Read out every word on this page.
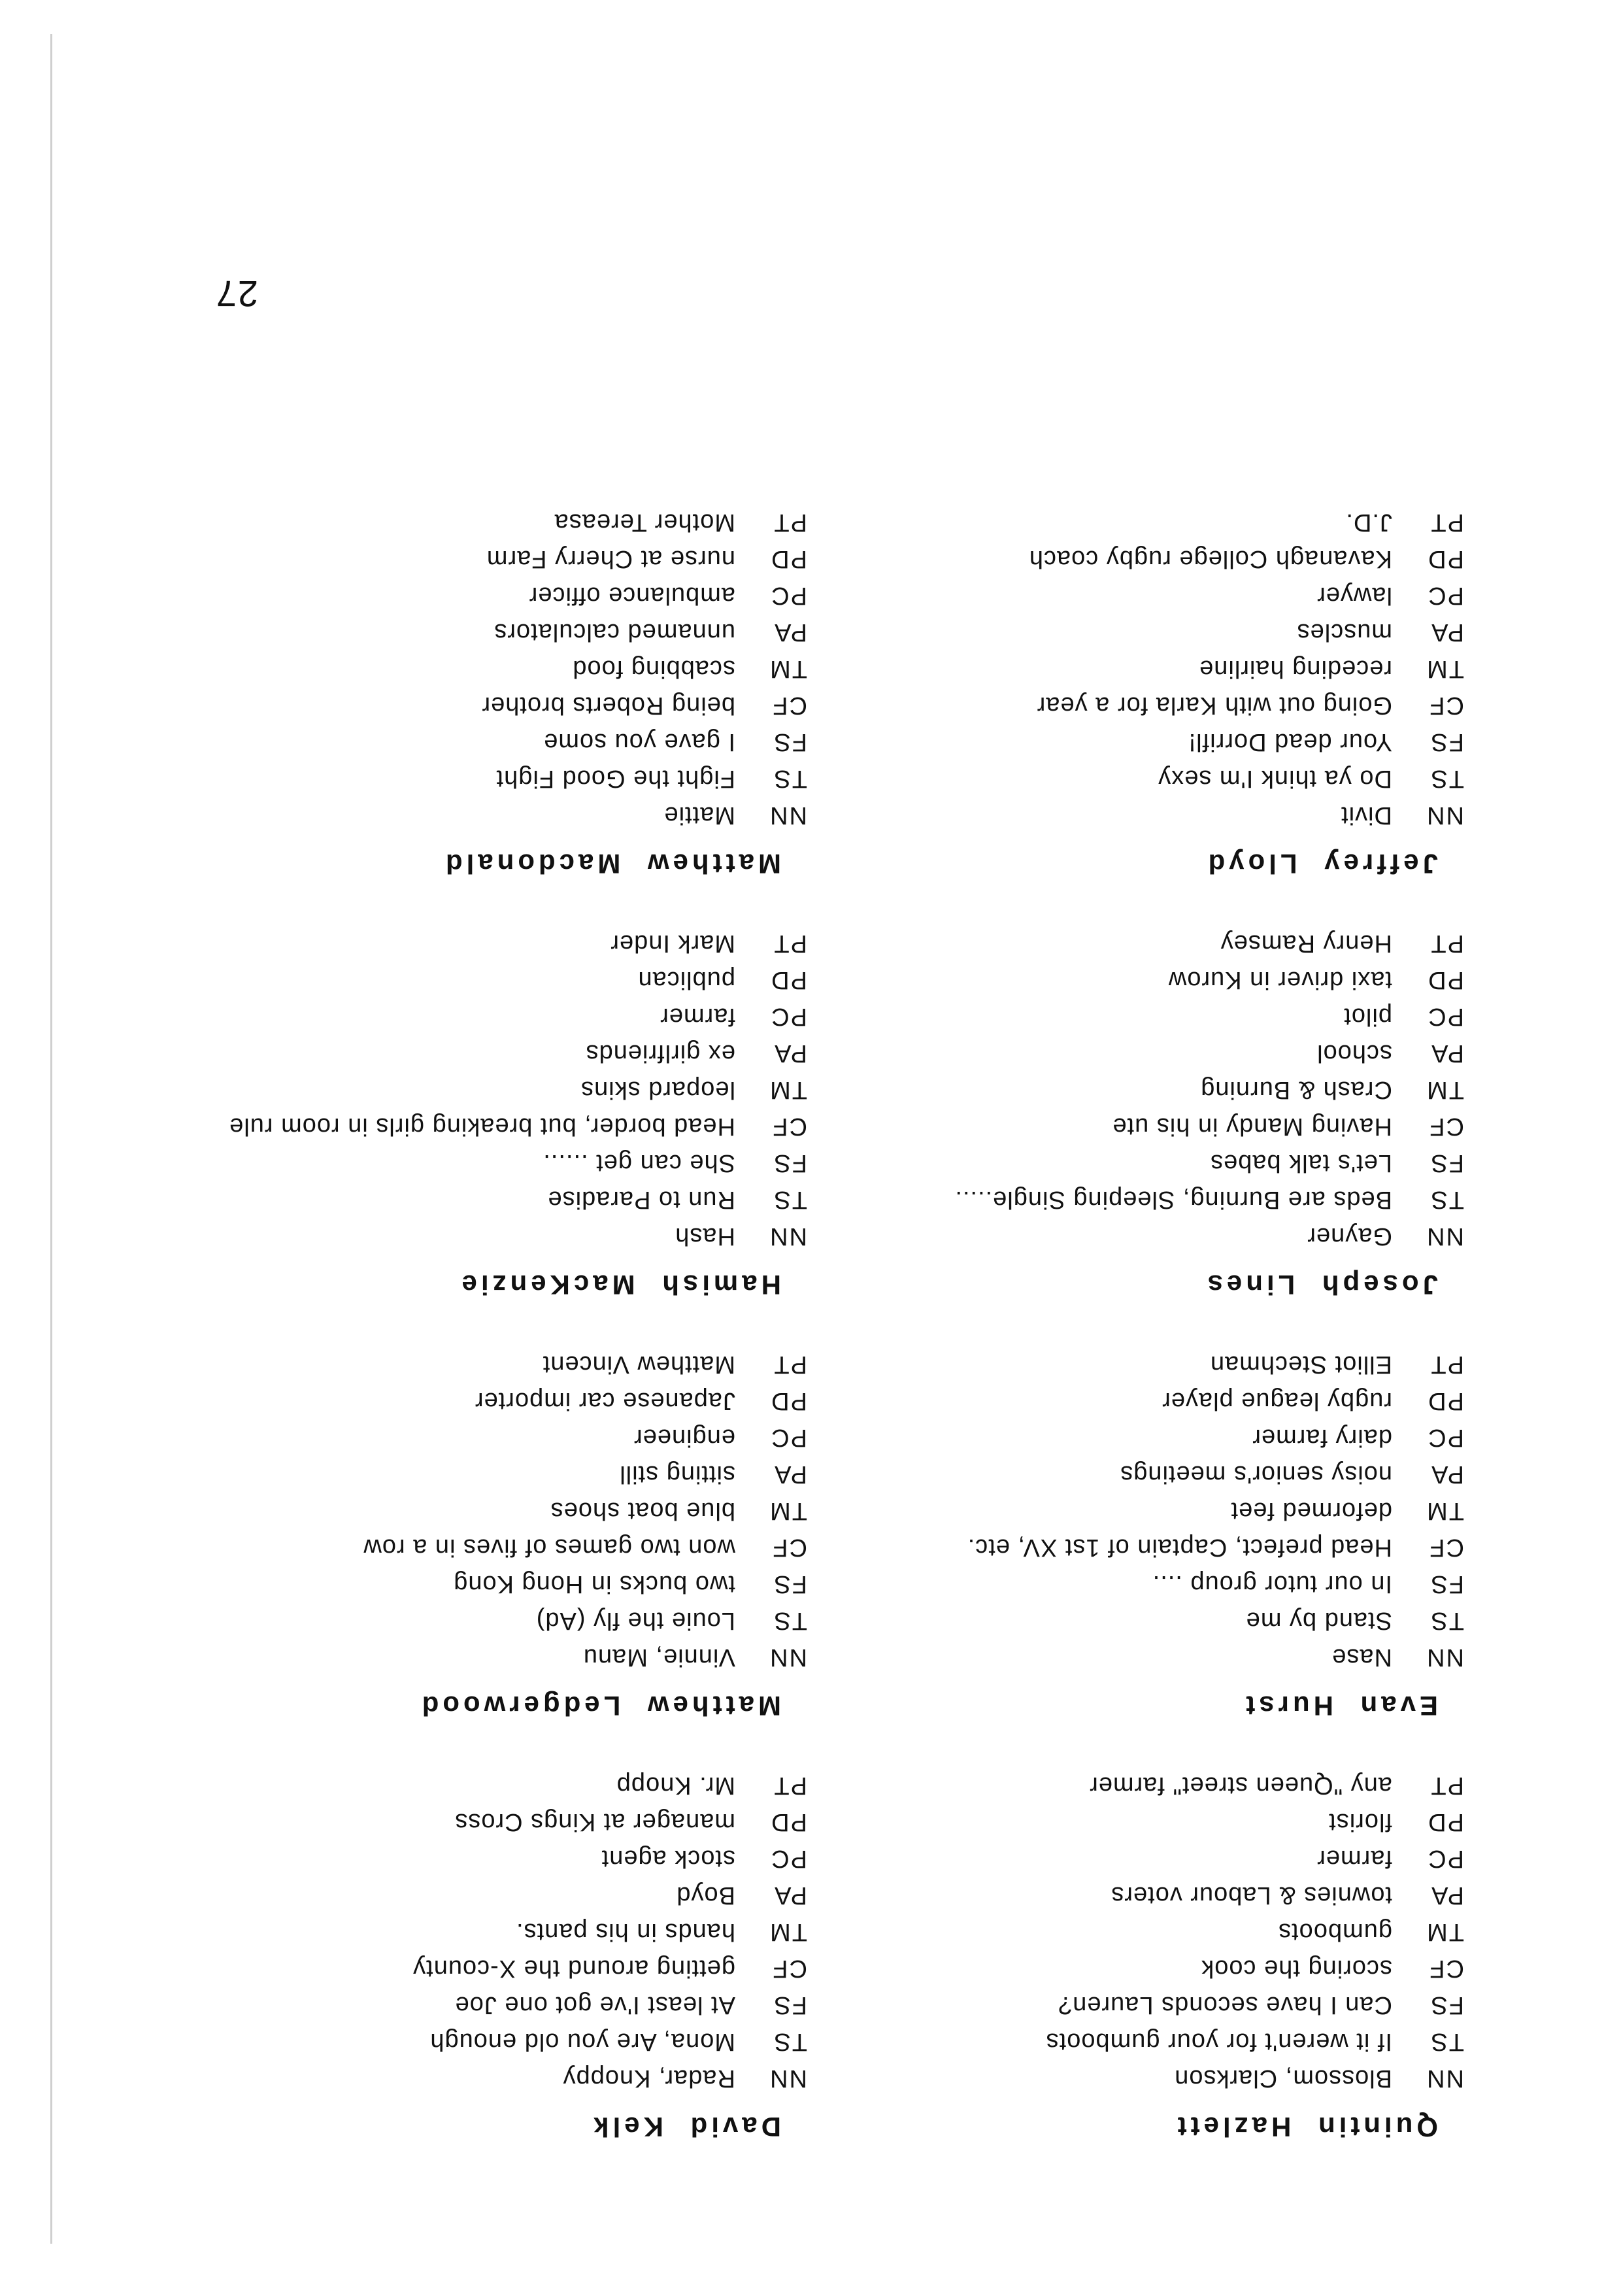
27
Quintin Hazlett
NN
Blossom, Clarkson
TS
If it weren't for your gumboots
FS
Can I have seconds Lauren?
CF
scoring the cook
TM
gumboots
PA
townies & Labour voters
PC
farmer
PD
florist
PT
any "Queen street" farmer
Evan Hurst
NN
Nase
TS
Stand by me
FS
In our tutor group ....
CF
Head prefect, Captain of 1st XV, etc.
TM
deformed feet
PA
noisy senior's meetings
PC
dairy farmer
PD
rugby league player
PT
Elliot Stechman
Joseph Lines
NN
Gayner
TS
Beds are Burning, Sleeping Single.....
FS
Let's talk babes
CF
Having Mandy in his ute
TM
Crash & Burning
PA
school
PC
pilot
PD
taxi driver in Kurow
PT
Henry Ramsey
Jeffrey Lloyd
NN
Divit
TS
Do ya think I'm sexy
FS
Your dead Dorrifl!
CF
Going out with Karla for a year
TM
receding hairline
PA
muscles
PC
lawyer
PD
Kavanagh College rugby coach
PT
J.D.
David Kelk
NN
Radar, Knoppy
TS
Mona, Are you old enough
FS
At least I've got one Joe
CF
getting around the X-county
TM
hands in his pants.
PA
Boyd
PC
stock agent
PD
manager at Kings Cross
PT
Mr. Knopp
Matthew Ledgerwood
NN
Vinnie, Manu
TS
Louie the fly (Ad)
FS
two bucks in Hong Kong
CF
won two games of fives in a row
TM
blue boat shoes
PA
sitting still
PC
engineer
PD
Japanese car importer
PT
Matthew Vincent
Hamish MacKenzie
NN
Hash
TS
Run to Paradise
FS
She can get ......
CF
Head border, but breaking girls in room rule
TM
leopard skins
PA
ex girlfriends
PC
farmer
PD
publican
PT
Mark Inder
Matthew Macdonald
NN
Mattie
TS
Fight the Good Fight
FS
I gave you some
CF
being Roberts brother
TM
scabbing food
PA
unnamed calculators
PC
ambulance officer
PD
nurse at Cherry Farm
PT
Mother Tereasa
